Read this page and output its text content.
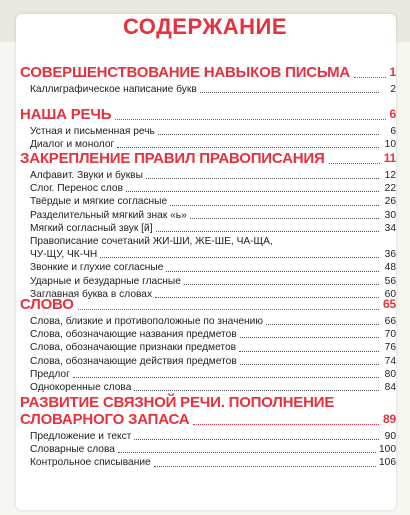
СОДЕРЖАНИЕ
СОВЕРШЕНСТВОВАНИЕ НАВЫКОВ ПИСЬМА	1
Каллиграфическое написание букв	2
НАША РЕЧЬ	6
Устная и письменная речь	6
Диалог и монолог	10
ЗАКРЕПЛЕНИЕ ПРАВИЛ ПРАВОПИСАНИЯ	11
Алфавит. Звуки и буквы	12
Слог. Перенос слов	22
Твёрдые и мягкие согласные	26
Разделительный мягкий знак «ь»	30
Мягкий согласный звук [й]	34
Правописание сочетаний ЖИ-ШИ, ЖЕ-ШЕ, ЧА-ЩА,
ЧУ-ЩУ, ЧК-ЧН	36
Звонкие и глухие согласные	48
Ударные и безударные гласные	56
Заглавная буква в словах	60
СЛОВО	65
Слова, близкие и противоположные по значению	66
Слова, обозначающие названия предметов	70
Слова, обозначающие признаки предметов	76
Слова, обозначающие действия предметов	74
Предлог	80
Однокоренные слова	84
РАЗВИТИЕ СВЯЗНОЙ РЕЧИ. ПОПОЛНЕНИЕ
СЛОВАРНОГО ЗАПАСА	89
Предложение и текст	90
Словарные слова	100
Контрольное списывание	106
